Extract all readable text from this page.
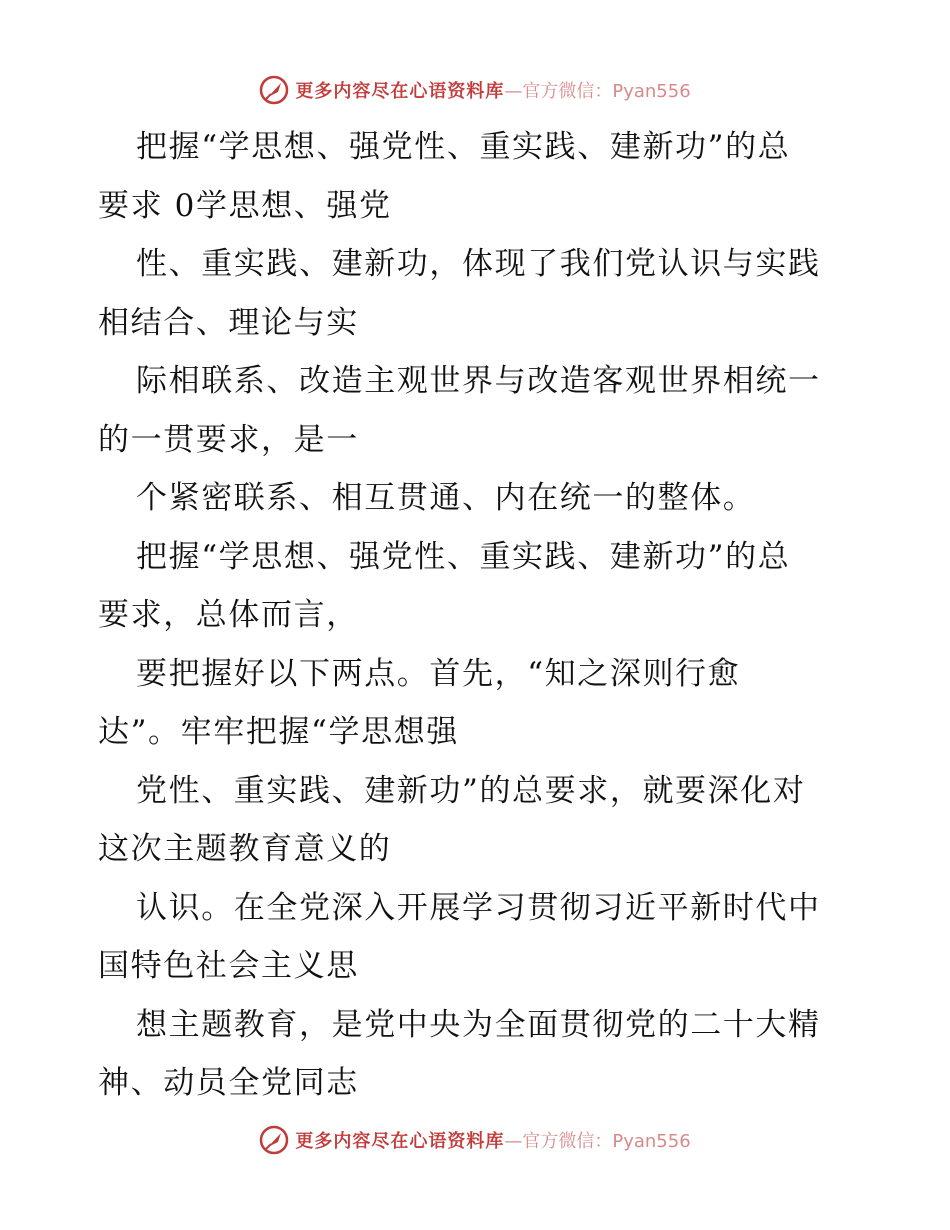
更多内容尽在心语资料库 —官方微信：Pyan556
把握“学思想、强党性、重实践、建新功”的总
要求 0学思想、强党
性、重实践、建新功，体现了我们党认识与实践
相结合、理论与实
际相联系、改造主观世界与改造客观世界相统一
的一贯要求，是一
个紧密联系、相互贯通、内在统一的整体。
把握“学思想、强党性、重实践、建新功”的总
要求，总体而言，
要把握好以下两点。首先，“知之深则行愈
达”。牢牢把握“学思想强
党性、重实践、建新功”的总要求，就要深化对
这次主题教育意义的
认识。在全党深入开展学习贯彻习近平新时代中
国特色社会主义思
想主题教育，是党中央为全面贯彻党的二十大精
神、动员全党同志
更多内容尽在心语资料库 —官方微信：Pyan556
